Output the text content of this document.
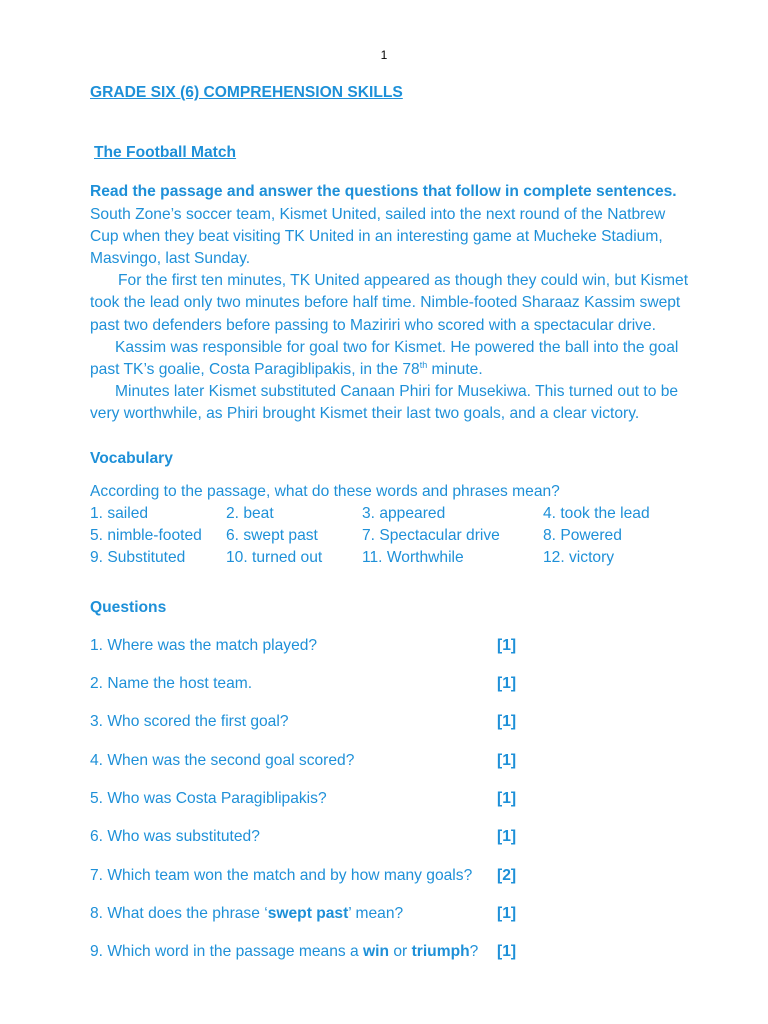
1

GRADE SIX (6) COMPREHENSION SKILLS

The Football Match

Read the passage and answer the questions that follow in complete sentences.

South Zone’s soccer team, Kismet United, sailed into the next round of the Natbrew Cup when they beat visiting TK United in an interesting game at Mucheke Stadium, Masvingo, last Sunday.

For the first ten minutes, TK United appeared as though they could win, but Kismet took the lead only two minutes before half time. Nimble-footed Sharaaz Kassim swept past two defenders before passing to Maziriri who scored with a spectacular drive.

Kassim was responsible for goal two for Kismet. He powered the ball into the goal past TK’s goalie, Costa Paragiblipakis, in the 78th minute.

Minutes later Kismet substituted Canaan Phiri for Musekiwa. This turned out to be very worthwhile, as Phiri brought Kismet their last two goals, and a clear victory.

Vocabulary

According to the passage, what do these words and phrases mean?

1. sailed	2. beat	3. appeared	4. took the lead
5. nimble-footed	6. swept past	7. Spectacular drive	8. Powered
9. Substituted	10. turned out	11. Worthwhile	12. victory

Questions

1. Where was the match played?	[1]
2. Name the host team.	[1]
3. Who scored the first goal?	[1]
4. When was the second goal scored?	[1]
5. Who was Costa Paragiblipakis?	[1]
6. Who was substituted?	[1]
7. Which team won the match and by how many goals?	[2]
8. What does the phrase ‘swept past’ mean?	[1]
9. Which word in the passage means a win or triumph?	[1]
